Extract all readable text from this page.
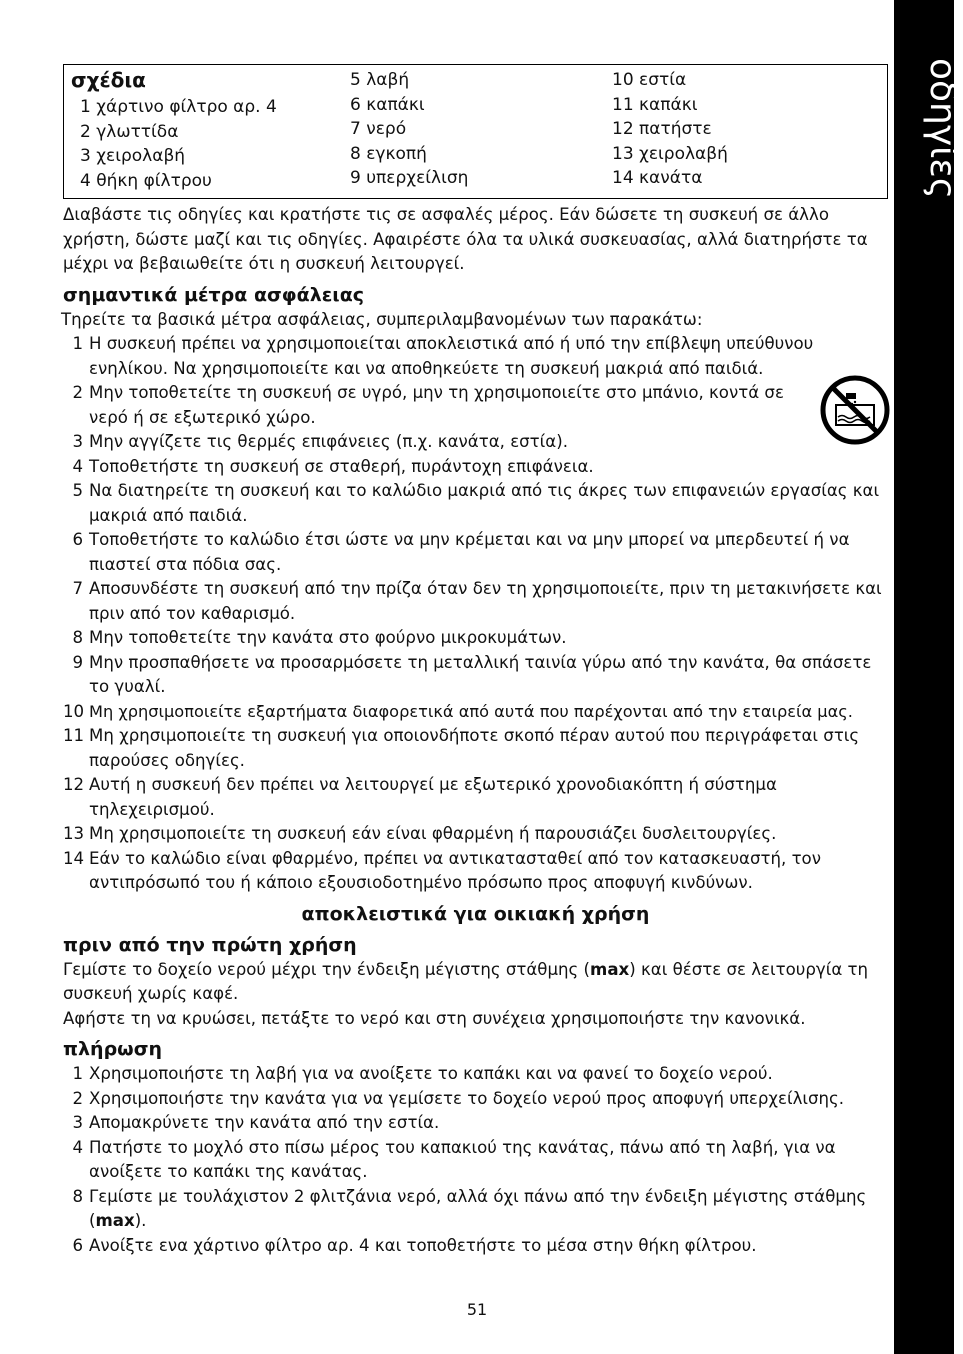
οδηγίες
σχέδια
1 χάρτινο φίλτρο αρ. 4
2 γλωττίδα
3 χειρολαβή
4 θήκη φίλτρου
5 λαβή
6 καπάκι
7 νερό
8 εγκοπή
9 υπερχείλιση
10 εστία
11 καπάκι
12 πατήστε
13 χειρολαβή
14 κανάτα

Διαβάστε τις οδηγίες και κρατήστε τις σε ασφαλές μέρος. Εάν δώσετε τη συσκευή σε άλλο χρήστη, δώστε μαζί και τις οδηγίες. Αφαιρέστε όλα τα υλικά συσκευασίας, αλλά διατηρήστε τα μέχρι να βεβαιωθείτε ότι η συσκευή λειτουργεί.

σημαντικά μέτρα ασφάλειας

Τηρείτε τα βασικά μέτρα ασφάλειας, συμπεριλαμβανομένων των παρακάτω:

1 Η συσκευή πρέπει να χρησιμοποιείται αποκλειστικά από ή υπό την επίβλεψη υπεύθυνου ενηλίκου. Να χρησιμοποιείτε και να αποθηκεύετε τη συσκευή μακριά από παιδιά.
2 Μην τοποθετείτε τη συσκευή σε υγρό, μην τη χρησιμοποιείτε στο μπάνιο, κοντά σε νερό ή σε εξωτερικό χώρο.
3 Μην αγγίζετε τις θερμές επιφάνειες (π.χ. κανάτα, εστία).
4 Τοποθετήστε τη συσκευή σε σταθερή, πυράντοχη επιφάνεια.
5 Να διατηρείτε τη συσκευή και το καλώδιο μακριά από τις άκρες των επιφανειών εργασίας και μακριά από παιδιά.
6 Τοποθετήστε το καλώδιο έτσι ώστε να μην κρέμεται και να μην μπορεί να μπερδευτεί ή να πιαστεί στα πόδια σας.
7 Αποσυνδέστε τη συσκευή από την πρίζα όταν δεν τη χρησιμοποιείτε, πριν τη μετακινήσετε και πριν από τον καθαρισμό.
8 Μην τοποθετείτε την κανάτα στο φούρνο μικροκυμάτων.
9 Μην προσπαθήσετε να προσαρμόσετε τη μεταλλική ταινία γύρω από την κανάτα, θα σπάσετε το γυαλί.
10 Μη χρησιμοποιείτε εξαρτήματα διαφορετικά από αυτά που παρέχονται από την εταιρεία μας.
11 Μη χρησιμοποιείτε τη συσκευή για οποιονδήποτε σκοπό πέραν αυτού που περιγράφεται στις παρούσες οδηγίες.
12 Αυτή η συσκευή δεν πρέπει να λειτουργεί με εξωτερικό χρονοδιακόπτη ή σύστημα τηλεχειρισμού.
13 Μη χρησιμοποιείτε τη συσκευή εάν είναι φθαρμένη ή παρουσιάζει δυσλειτουργίες.
14 Εάν το καλώδιο είναι φθαρμένο, πρέπει να αντικατασταθεί από τον κατασκευαστή, τον αντιπρόσωπό του ή κάποιο εξουσιοδοτημένο πρόσωπο προς αποφυγή κινδύνων.
αποκλειστικά για οικιακή χρήση
πριν από την πρώτη χρήση

Γεμίστε το δοχείο νερού μέχρι την ένδειξη μέγιστης στάθμης (max) και θέστε σε λειτουργία τη συσκευή χωρίς καφέ.

Αφήστε τη να κρυώσει, πετάξτε το νερό και στη συνέχεια χρησιμοποιήστε την κανονικά.

πλήρωση
1 Χρησιμοποιήστε τη λαβή για να ανοίξετε το καπάκι και να φανεί το δοχείο νερού.
2 Χρησιμοποιήστε την κανάτα για να γεμίσετε το δοχείο νερού προς αποφυγή υπερχείλισης.
3 Απομακρύνετε την κανάτα από την εστία.
4 Πατήστε το μοχλό στο πίσω μέρος του καπακιού της κανάτας, πάνω από τη λαβή, για να ανοίξετε το καπάκι της κανάτας.
8 Γεμίστε με τουλάχιστον 2 φλιτζάνια νερό, αλλά όχι πάνω από την ένδειξη μέγιστης στάθμης (max).
6 Ανοίξτε ενα χάρτινο φίλτρο αρ. 4 και τοποθετήστε το μέσα στην θήκη φίλτρου.
51
